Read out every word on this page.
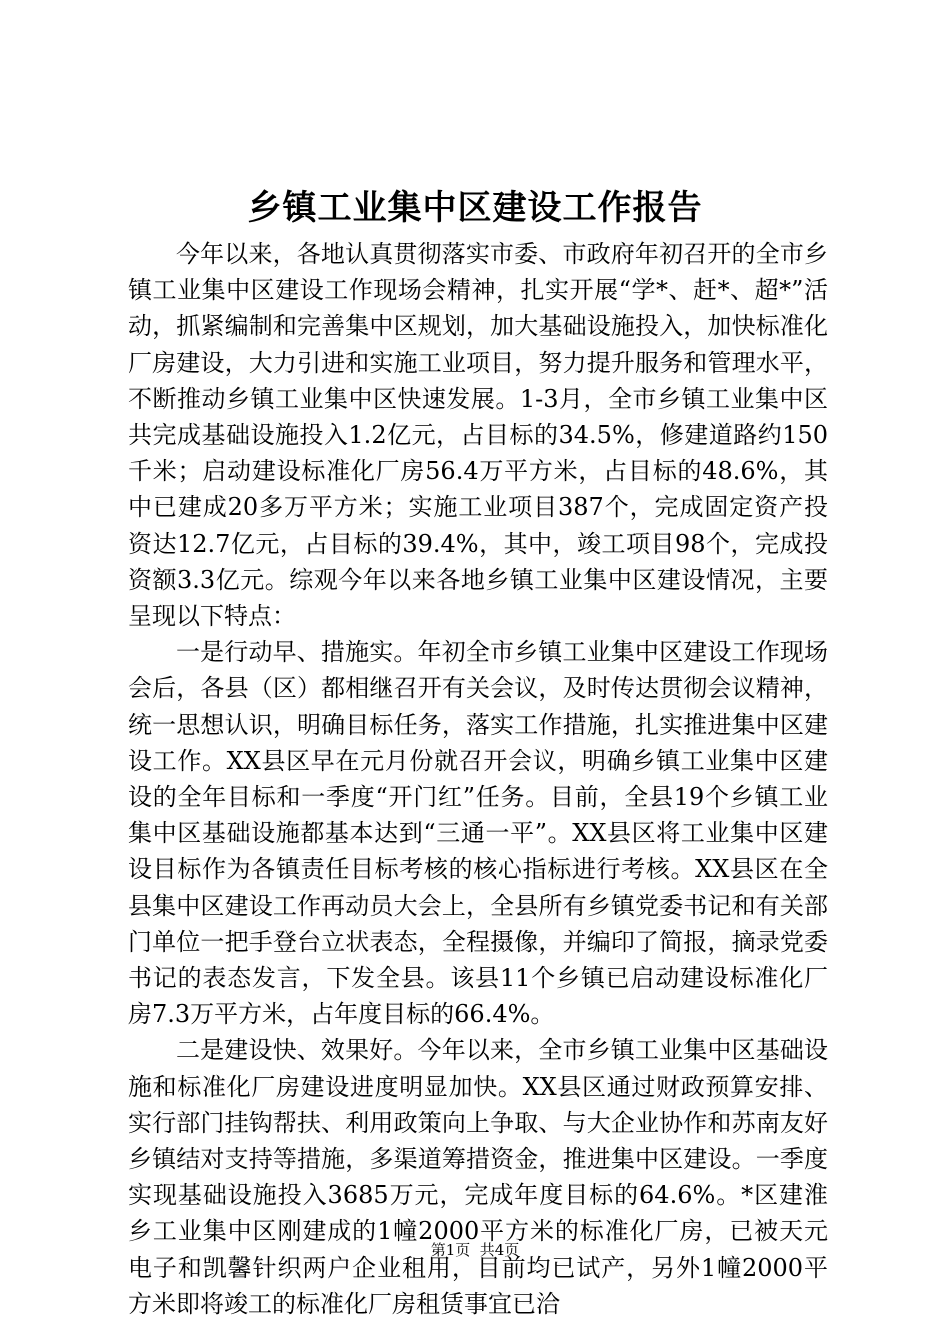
乡镇工业集中区建设工作报告

今年以来，各地认真贯彻落实市委、市政府年初召开的全市乡镇工业集中区建设工作现场会精神，扎实开展“学*、赶*、超*”活动，抓紧编制和完善集中区规划，加大基础设施投入，加快标准化厂房建设，大力引进和实施工业项目，努力提升服务和管理水平，不断推动乡镇工业集中区快速发展。1-3月，全市乡镇工业集中区共完成基础设施投入1.2亿元，占目标的34.5%，修建道路约150千米；启动建设标准化厂房56.4万平方米，占目标的48.6%，其中已建成20多万平方米；实施工业项目387个，完成固定资产投资达12.7亿元，占目标的39.4%，其中，竣工项目98个，完成投资额3.3亿元。综观今年以来各地乡镇工业集中区建设情况，主要呈现以下特点：

一是行动早、措施实。年初全市乡镇工业集中区建设工作现场会后，各县（区）都相继召开有关会议，及时传达贯彻会议精神，统一思想认识，明确目标任务，落实工作措施，扎实推进集中区建设工作。XX县区早在元月份就召开会议，明确乡镇工业集中区建设的全年目标和一季度“开门红”任务。目前，全县19个乡镇工业集中区基础设施都基本达到“三通一平”。XX县区将工业集中区建设目标作为各镇责任目标考核的核心指标进行考核。XX县区在全县集中区建设工作再动员大会上，全县所有乡镇党委书记和有关部门单位一把手登台立状表态，全程摄像，并编印了简报，摘录党委书记的表态发言，下发全县。该县11个乡镇已启动建设标准化厂房7.3万平方米，占年度目标的66.4%。

二是建设快、效果好。今年以来，全市乡镇工业集中区基础设施和标准化厂房建设进度明显加快。XX县区通过财政预算安排、实行部门挂钩帮扶、利用政策向上争取、与大企业协作和苏南友好乡镇结对支持等措施，多渠道筹措资金，推进集中区建设。一季度实现基础设施投入3685万元，完成年度目标的64.6%。*区建淮乡工业集中区刚建成的1幢2000平方米的标准化厂房，已被天元电子和凯馨针织两户企业租用，目前均已试产，另外1幢2000平方米即将竣工的标准化厂房租赁事宜已洽

第1页  共4页
